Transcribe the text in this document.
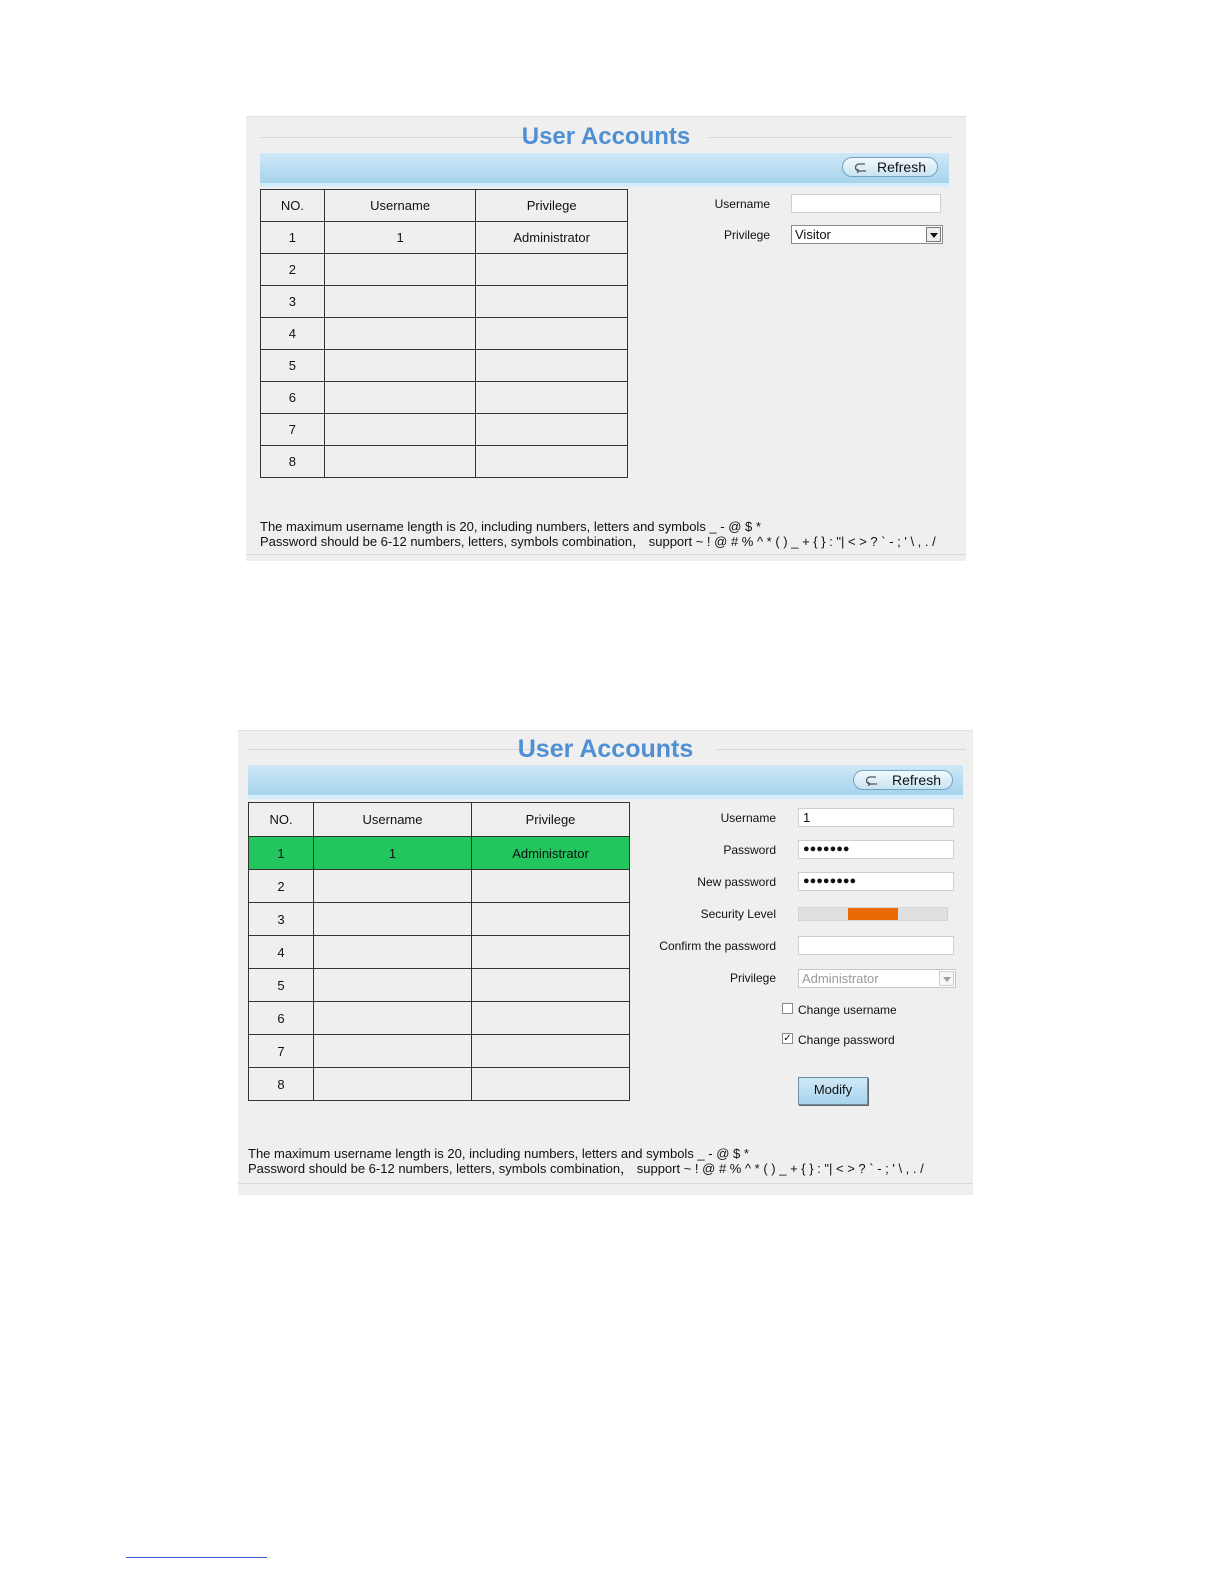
User Accounts
Refresh
NO.	Username	Privilege
1	1	Administrator
2		
3		
4		
5		
6		
7		
8		
Username
Privilege	Visitor
The maximum username length is 20, including numbers, letters and symbols _ - @ $ *
Password should be 6-12 numbers, letters, symbols combination， support ~ ! @ # % ^ * ( ) _ + { } : "| < > ? ` - ; ' \ , . /
User Accounts
Refresh
NO.	Username	Privilege
1	1	Administrator
2		
3		
4		
5		
6		
7		
8		
Username	1
Password	●●●●●●●
New password	●●●●●●●●
Security Level
Confirm the password
Privilege	Administrator
Change username
✓ Change password
Modify
The maximum username length is 20, including numbers, letters and symbols _ - @ $ *
Password should be 6-12 numbers, letters, symbols combination， support ~ ! @ # % ^ * ( ) _ + { } : "| < > ? ` - ; ' \ , . /
